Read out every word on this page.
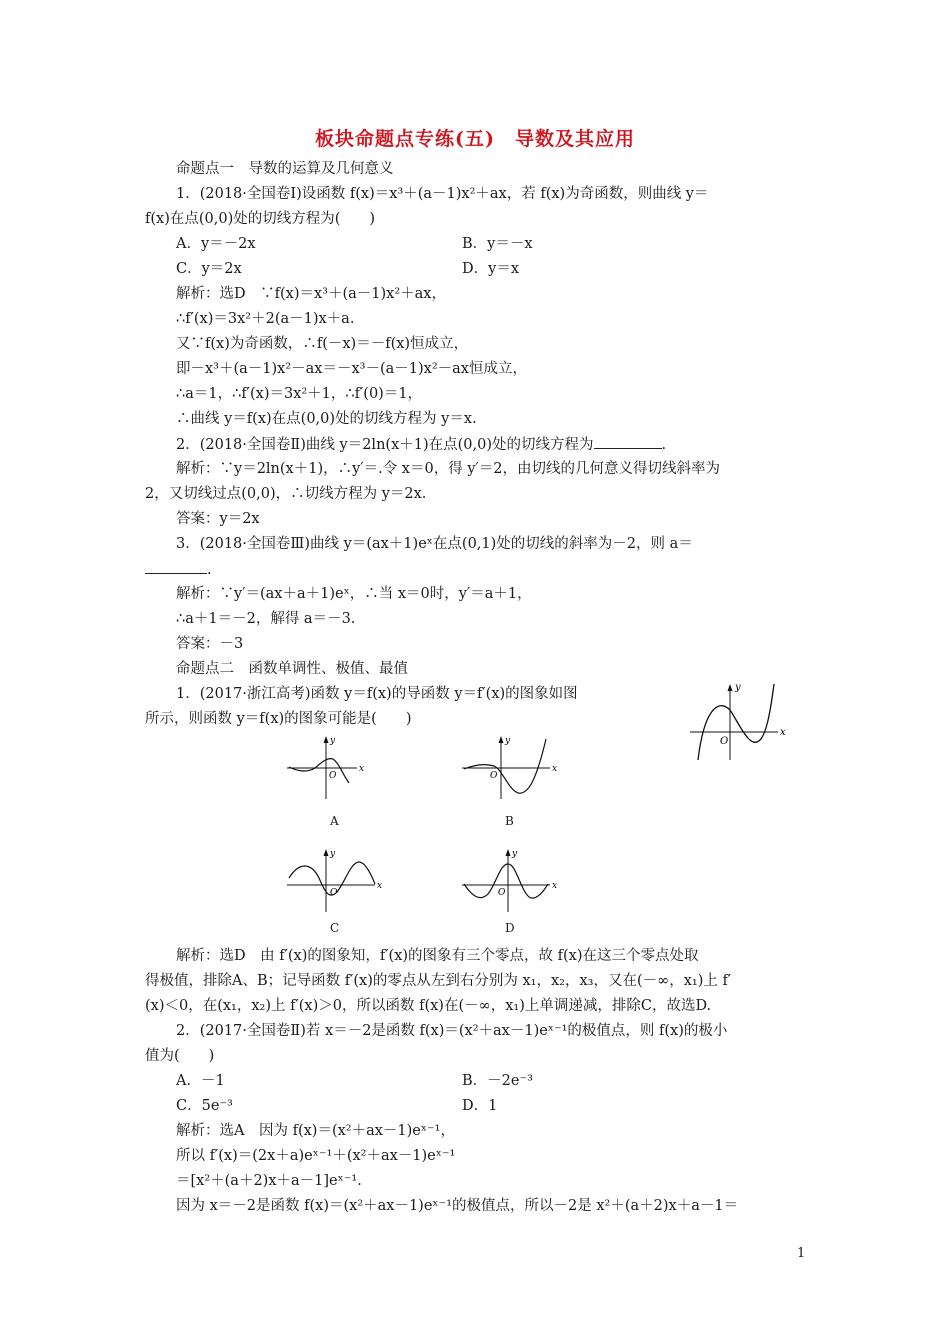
板块命题点专练(五)　导数及其应用
命题点一　导数的运算及几何意义
1．(2018·全国卷Ⅰ)设函数 f(x)＝x³＋(a－1)x²＋ax，若 f(x)为奇函数，则曲线 y＝
f(x)在点(0,0)处的切线方程为(　　)
A．y＝－2x	B．y＝－x
C．y＝2x	D．y＝x
解析：选D　∵f(x)＝x³＋(a－1)x²＋ax，
∴f′(x)＝3x²＋2(a－1)x＋a.
又∵f(x)为奇函数，∴f(－x)＝－f(x)恒成立，
即－x³＋(a－1)x²－ax＝－x³－(a－1)x²－ax恒成立，
∴a＝1，∴f′(x)＝3x²＋1，∴f′(0)＝1，
∴曲线 y＝f(x)在点(0,0)处的切线方程为 y＝x.
2．(2018·全国卷Ⅱ)曲线 y＝2ln(x＋1)在点(0,0)处的切线方程为	.
解析：∵y＝2ln(x＋1)，∴y′＝.令 x＝0，得 y′＝2，由切线的几何意义得切线斜率为
2，又切线过点(0,0)，∴切线方程为 y＝2x.
答案：y＝2x
3．(2018·全国卷Ⅲ)曲线 y＝(ax＋1)eˣ在点(0,1)处的切线的斜率为－2，则 a＝
.
解析：∵y′＝(ax＋a＋1)eˣ，∴当 x＝0时，y′＝a＋1，
∴a＋1＝－2，解得 a＝－3.
答案：－3
命题点二　函数单调性、极值、最值
1．(2017·浙江高考)函数 y＝f(x)的导函数 y＝f′(x)的图象如图
所示，则函数 y＝f(x)的图象可能是(　　)
y
x
O
y
x
O
A
y
x
O
B
y
x
O
C
y
x
O
D
解析：选D　由 f′(x)的图象知，f′(x)的图象有三个零点，故 f(x)在这三个零点处取
得极值，排除A、B；记导函数 f′(x)的零点从左到右分别为 x₁，x₂，x₃，又在(－∞，x₁)上 f′
(x)＜0，在(x₁，x₂)上 f′(x)＞0，所以函数 f(x)在(－∞，x₁)上单调递减，排除C，故选D.
2．(2017·全国卷Ⅱ)若 x＝－2是函数 f(x)＝(x²＋ax－1)eˣ⁻¹的极值点，则 f(x)的极小
值为(　　)
A．－1	B．－2e⁻³
C．5e⁻³	D．1
解析：选A　因为 f(x)＝(x²＋ax－1)eˣ⁻¹，
所以 f′(x)＝(2x＋a)eˣ⁻¹＋(x²＋ax－1)eˣ⁻¹
＝[x²＋(a＋2)x＋a－1]eˣ⁻¹.
因为 x＝－2是函数 f(x)＝(x²＋ax－1)eˣ⁻¹的极值点，所以－2是 x²＋(a＋2)x＋a－1＝
1
